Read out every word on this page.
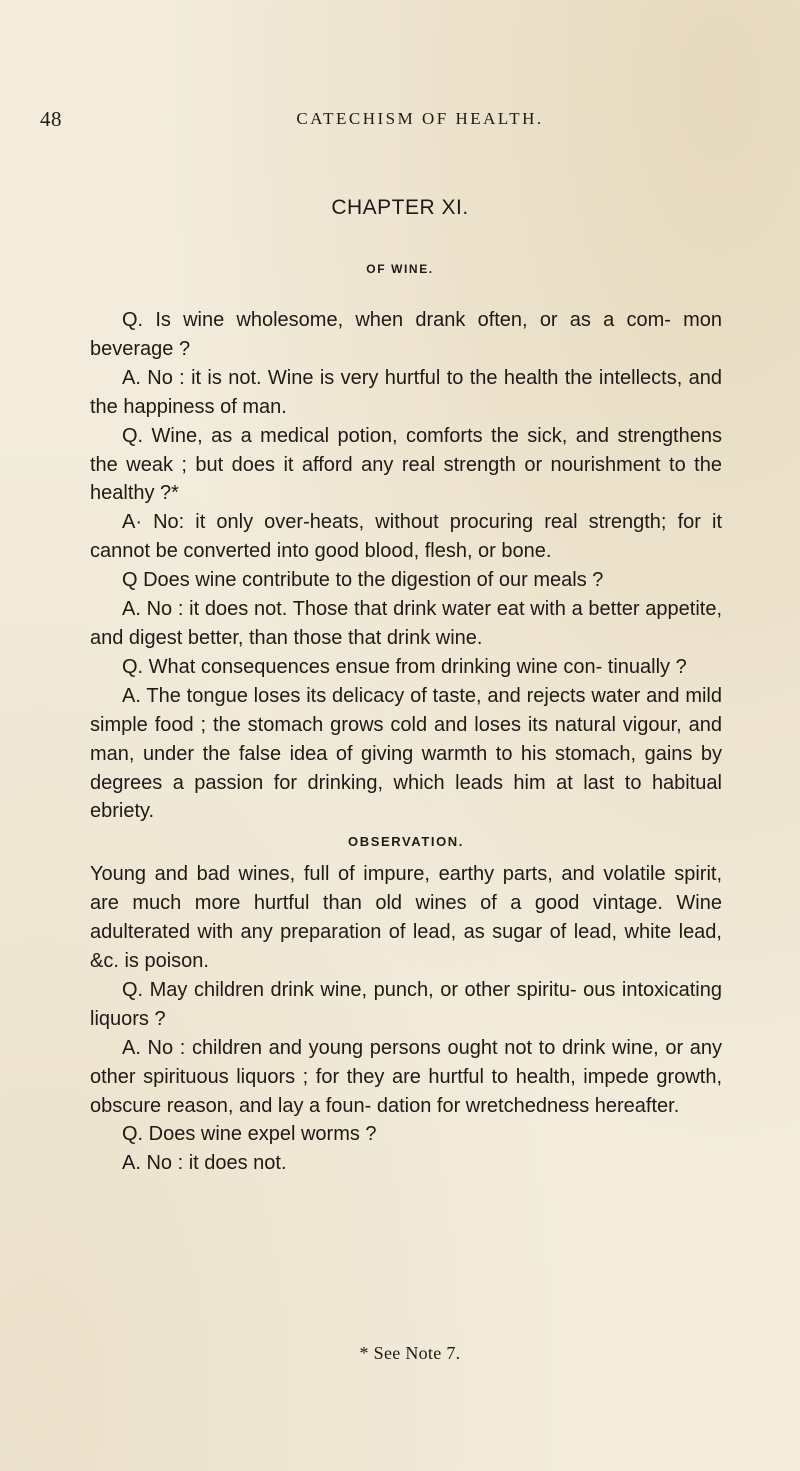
48	CATECHISM OF HEALTH.
CHAPTER XI.
OF WINE.

Q. Is wine wholesome, when drank often, or as a com- mon beverage ?

A. No : it is not. Wine is very hurtful to the health the intellects, and the happiness of man.

Q. Wine, as a medical potion, comforts the sick, and strengthens the weak ; but does it afford any real strength or nourishment to the healthy ?*

A· No: it only over-heats, without procuring real strength; for it cannot be converted into good blood, flesh, or bone.

Q Does wine contribute to the digestion of our meals ?

A. No : it does not. Those that drink water eat with a better appetite, and digest better, than those that drink wine.

Q. What consequences ensue from drinking wine con- tinually ?

A. The tongue loses its delicacy of taste, and rejects water and mild simple food ; the stomach grows cold and loses its natural vigour, and man, under the false idea of giving warmth to his stomach, gains by degrees a passion for drinking, which leads him at last to habitual ebriety.

OBSERVATION.

Young and bad wines, full of impure, earthy parts, and volatile spirit, are much more hurtful than old wines of a good vintage. Wine adulterated with any preparation of lead, as sugar of lead, white lead, &c. is poison.

Q. May children drink wine, punch, or other spiritu- ous intoxicating liquors ?

A. No : children and young persons ought not to drink wine, or any other spirituous liquors ; for they are hurtful to health, impede growth, obscure reason, and lay a foun- dation for wretchedness hereafter.

Q. Does wine expel worms ?

A. No : it does not.

* See Note 7.
